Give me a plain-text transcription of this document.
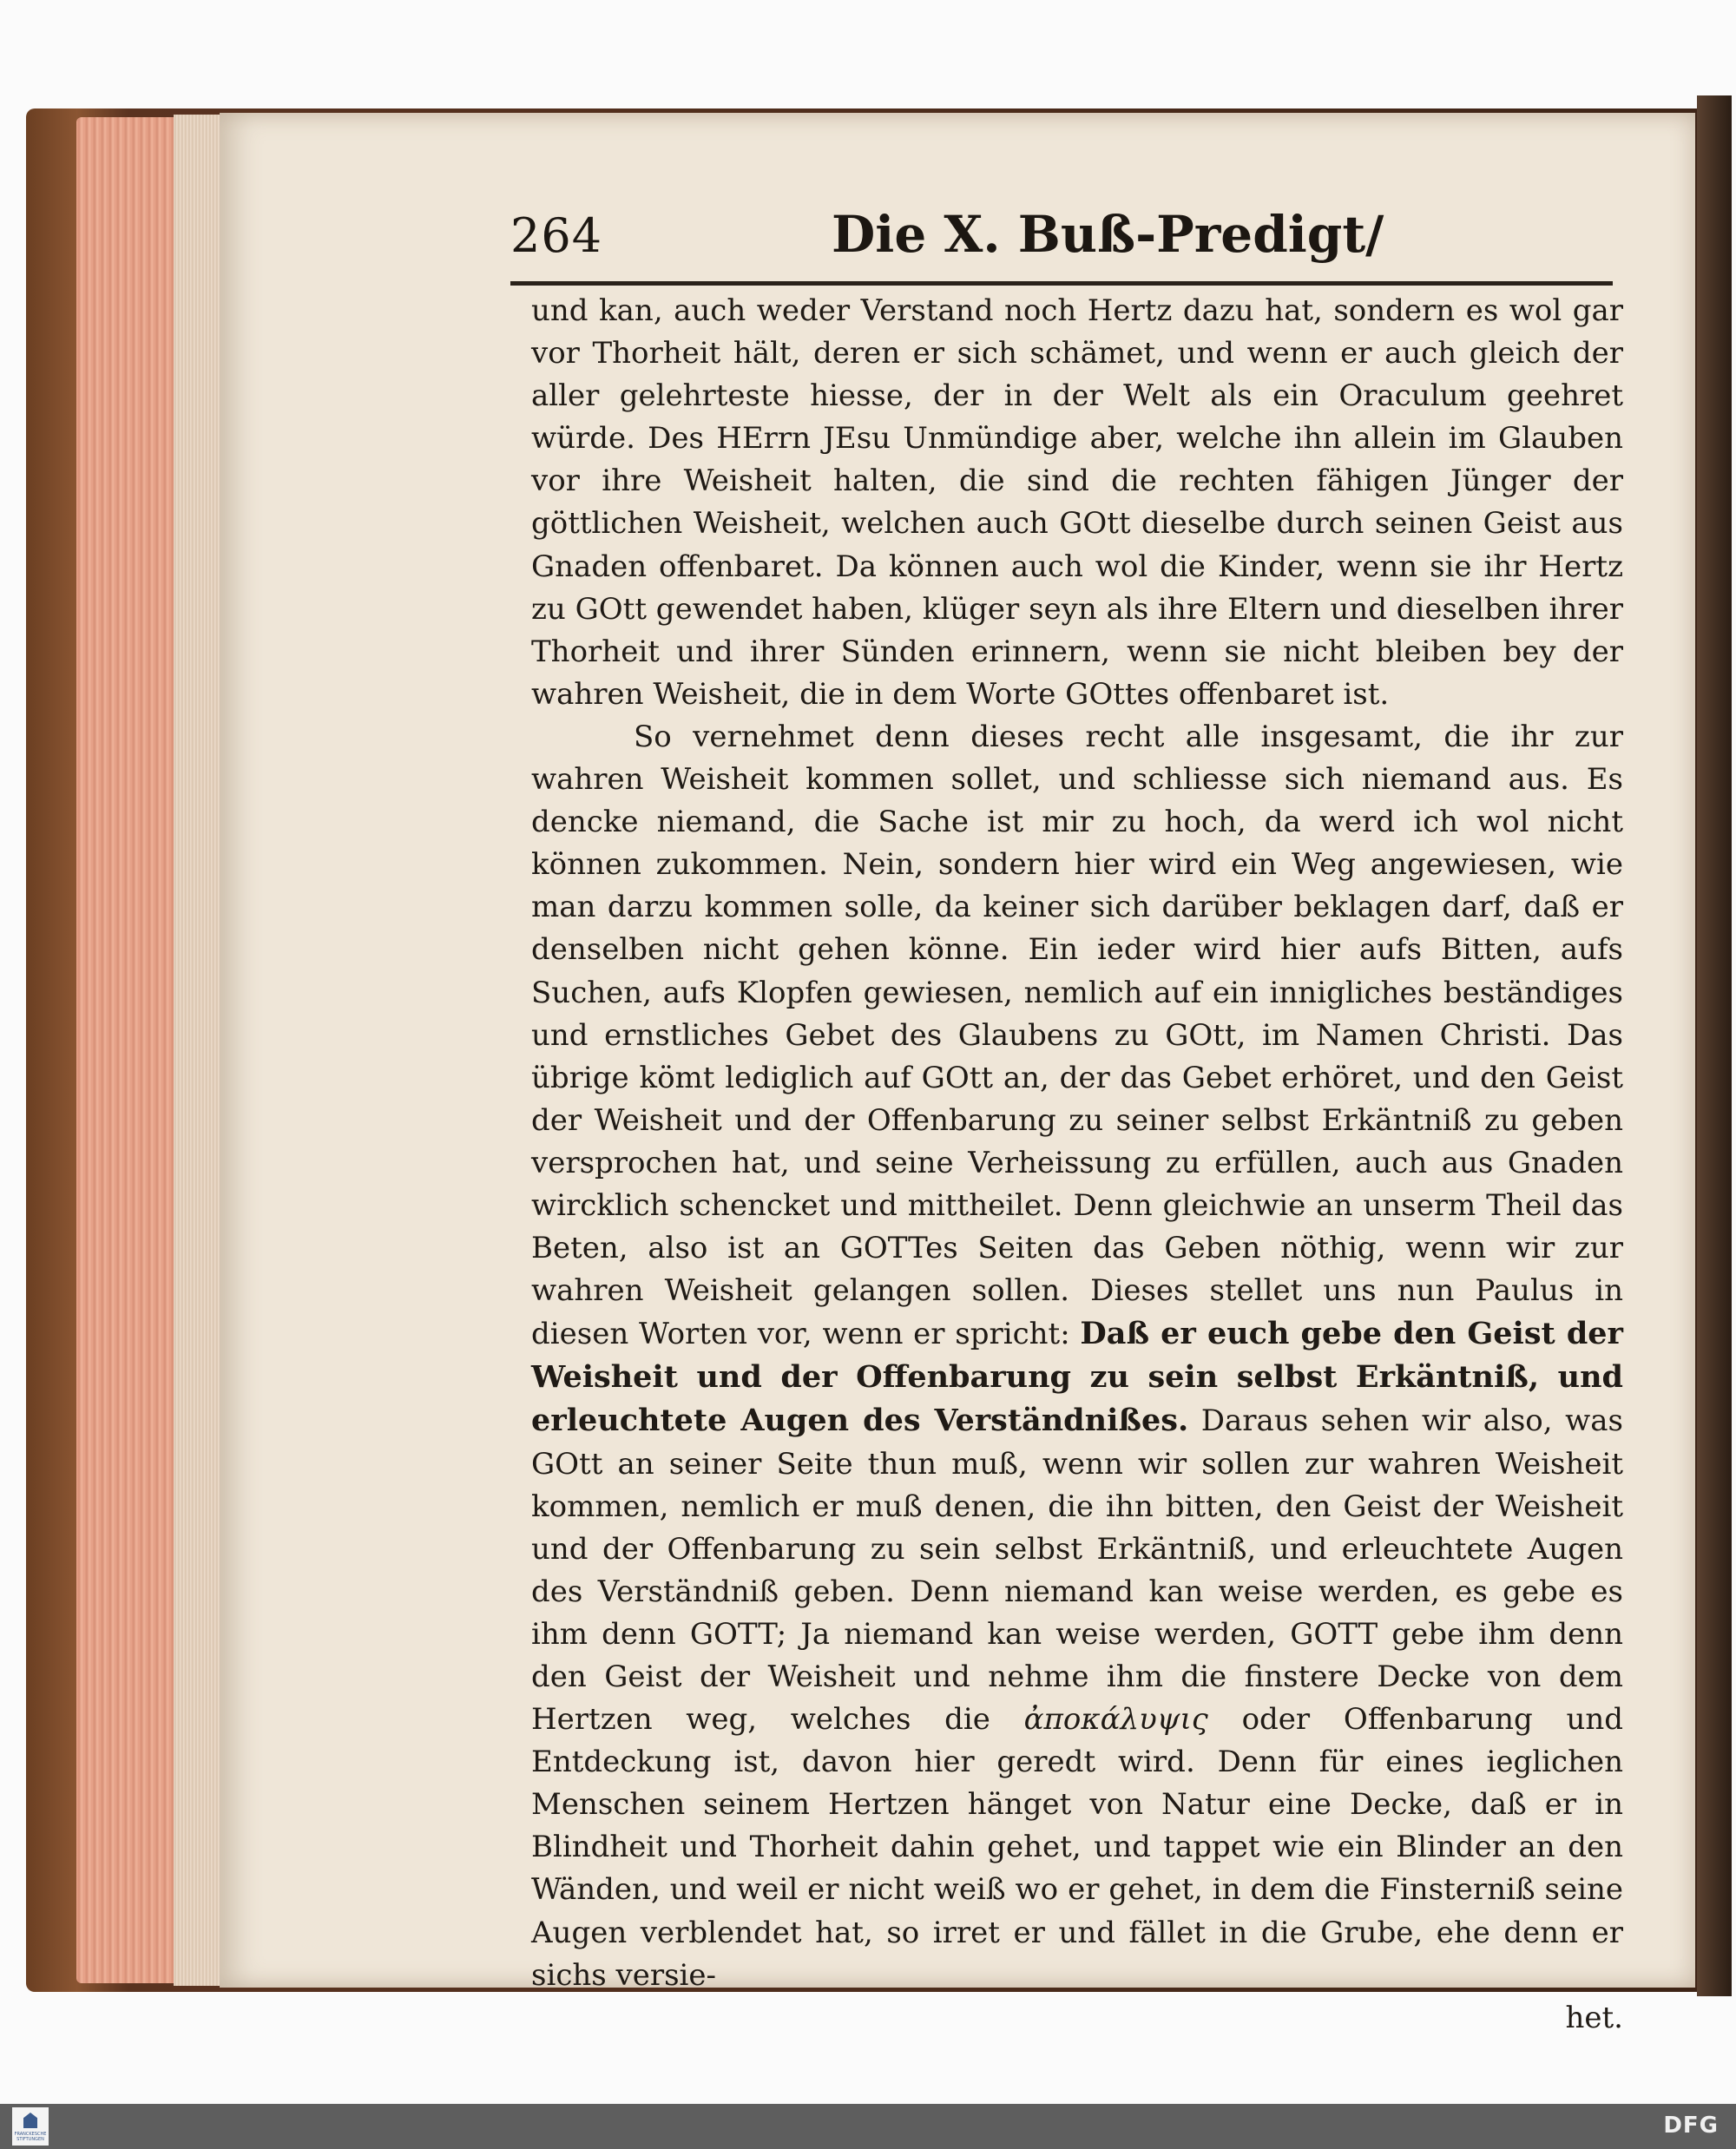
264	Die X. Buß-Predigt/

und kan, auch weder Verstand noch Hertz dazu hat, sondern es wol gar vor Thorheit hält, deren er sich schämet, und wenn er auch gleich der aller gelehrteste hiesse, der in der Welt als ein Oraculum geehret würde. Des HErrn JEsu Unmündige aber, welche ihn allein im Glauben vor ihre Weisheit halten, die sind die rechten fähigen Jünger der göttlichen Weisheit, welchen auch GOtt dieselbe durch seinen Geist aus Gnaden offenbaret. Da können auch wol die Kinder, wenn sie ihr Hertz zu GOtt gewendet haben, klüger seyn als ihre Eltern und dieselben ihrer Thorheit und ihrer Sünden erinnern, wenn sie nicht bleiben bey der wahren Weisheit, die in dem Worte GOttes offenbaret ist.

So vernehmet denn dieses recht alle insgesamt, die ihr zur wahren Weisheit kommen sollet, und schliesse sich niemand aus. Es dencke niemand, die Sache ist mir zu hoch, da werd ich wol nicht können zukommen. Nein, sondern hier wird ein Weg angewiesen, wie man darzu kommen solle, da keiner sich darüber beklagen darf, daß er denselben nicht gehen könne. Ein ieder wird hier aufs Bitten, aufs Suchen, aufs Klopfen gewiesen, nemlich auf ein innigliches beständiges und ernstliches Gebet des Glaubens zu GOtt, im Namen Christi. Das übrige kömt lediglich auf GOtt an, der das Gebet erhöret, und den Geist der Weisheit und der Offenbarung zu seiner selbst Erkäntniß zu geben versprochen hat, und seine Verheissung zu erfüllen, auch aus Gnaden wircklich schencket und mittheilet. Denn gleichwie an unserm Theil das Beten, also ist an GOTTes Seiten das Geben nöthig, wenn wir zur wahren Weisheit gelangen sollen. Dieses stellet uns nun Paulus in diesen Worten vor, wenn er spricht: Daß er euch gebe den Geist der Weisheit und der Offenbarung zu sein selbst Erkäntniß, und erleuchtete Augen des Verständnißes. Daraus sehen wir also, was GOtt an seiner Seite thun muß, wenn wir sollen zur wahren Weisheit kommen, nemlich er muß denen, die ihn bitten, den Geist der Weisheit und der Offenbarung zu sein selbst Erkäntniß, und erleuchtete Augen des Verständniß geben. Denn niemand kan weise werden, es gebe es ihm denn GOTT; Ja niemand kan weise werden, GOTT gebe ihm denn den Geist der Weisheit und nehme ihm die finstere Decke von dem Hertzen weg, welches die ἀποκάλυψις oder Offenbarung und Entdeckung ist, davon hier geredt wird. Denn für eines ieglichen Menschen seinem Hertzen hänget von Natur eine Decke, daß er in Blindheit und Thorheit dahin gehet, und tappet wie ein Blinder an den Wänden, und weil er nicht weiß wo er gehet, in dem die Finsterniß seine Augen verblendet hat, so irret er und fället in die Grube, ehe denn er sichs versie-

het.

FRANCKESCHE STIFTUNGEN
DFG
